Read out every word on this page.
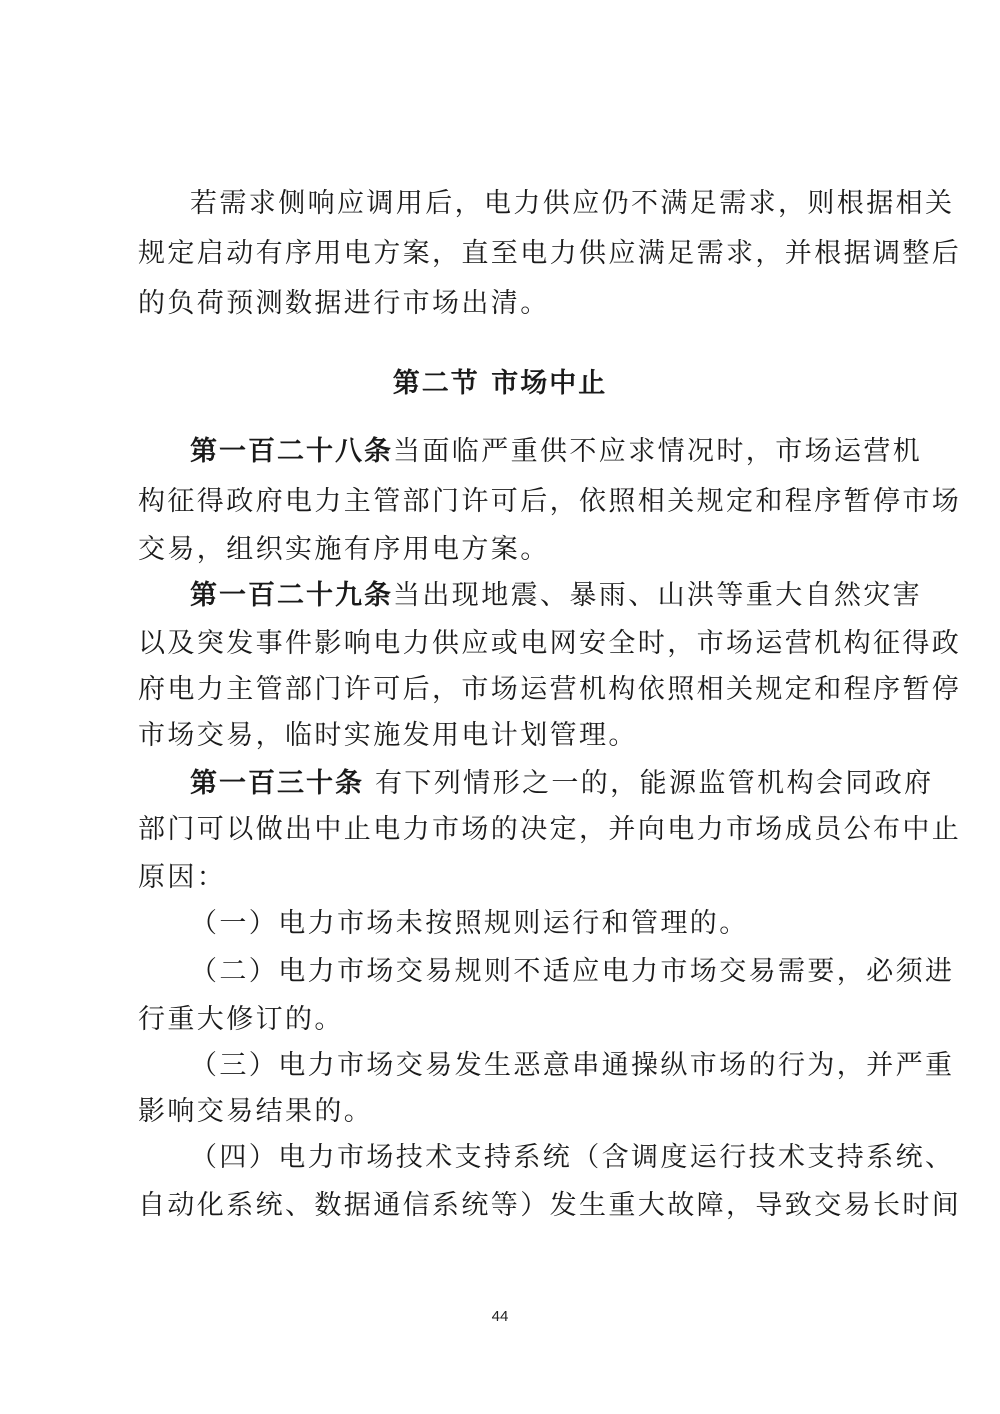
若需求侧响应调用后，电力供应仍不满足需求，则根据相关
规定启动有序用电方案，直至电力供应满足需求，并根据调整后
的负荷预测数据进行市场出清。
第二节 市场中止
第一百二十八条当面临严重供不应求情况时，市场运营机
构征得政府电力主管部门许可后，依照相关规定和程序暂停市场
交易，组织实施有序用电方案。
第一百二十九条当出现地震、暴雨、山洪等重大自然灾害
以及突发事件影响电力供应或电网安全时，市场运营机构征得政
府电力主管部门许可后，市场运营机构依照相关规定和程序暂停
市场交易，临时实施发用电计划管理。
第一百三十条 有下列情形之一的，能源监管机构会同政府
部门可以做出中止电力市场的决定，并向电力市场成员公布中止
原因：
（一）电力市场未按照规则运行和管理的。
（二）电力市场交易规则不适应电力市场交易需要，必须进
行重大修订的。
（三）电力市场交易发生恶意串通操纵市场的行为，并严重
影响交易结果的。
（四）电力市场技术支持系统（含调度运行技术支持系统、
自动化系统、数据通信系统等）发生重大故障，导致交易长时间
44
